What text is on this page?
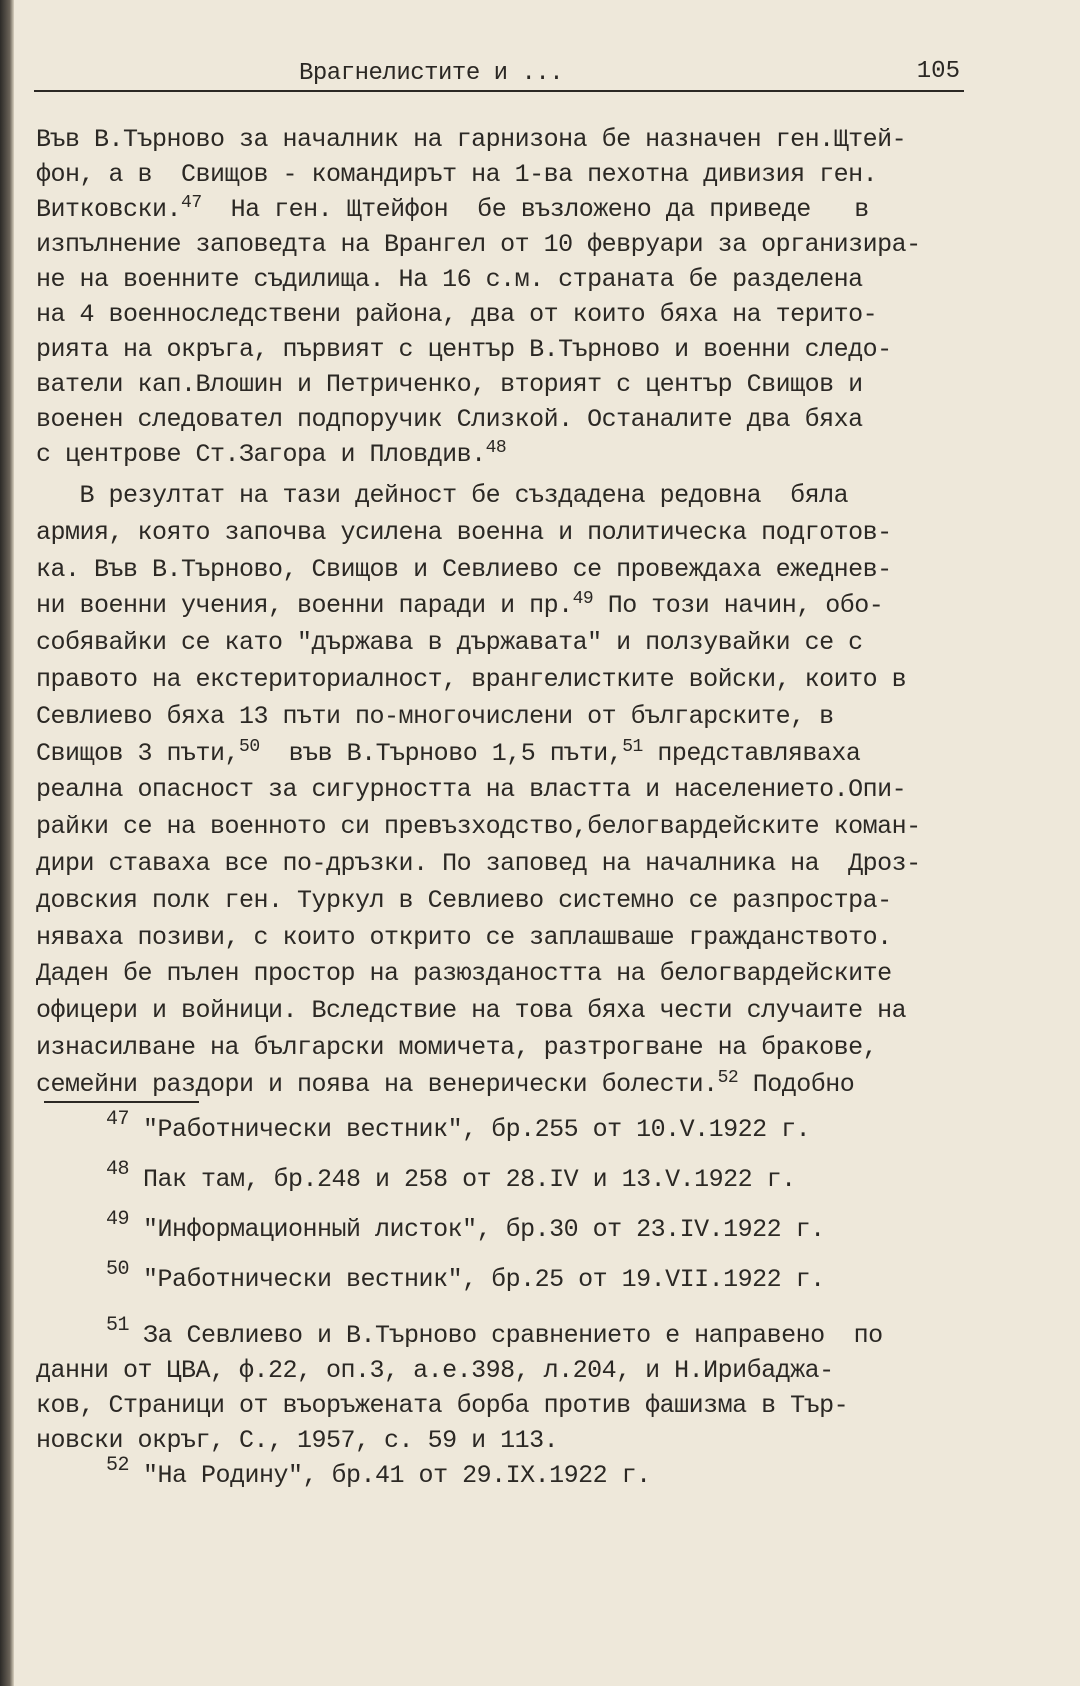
Врагнелистите и ...	105
Във В.Търново за началник на гарнизона бе назначен ген.Щтей-
фон, а в  Свищов - командирът на 1-ва пехотна дивизия ген.
Витковски.$^{47}$  На ген. Щтейфон  бе възложено да приведе   в
изпълнение заповедта на Врангел от 10 февруари за организира-
не на военните съдилища. На 16 с.м. страната бе разделена
на 4 военноследствени района, два от които бяха на терито-
рията на окръга, първият с център В.Търново и военни следо-
ватели кап.Влошин и Петриченко, вторият с център Свищов и
военен следовател подпоручик Слизкой. Останалите два бяха
с центрове Ст.Загора и Пловдив.$^{48}$
В резултат на тази дейност бе създадена редовна  бяла
армия, която започва усилена военна и политическа подготов-
ка. Във В.Търново, Свищов и Севлиево се провеждаха ежеднев-
ни военни учения, военни паради и пр.$^{49}$ По този начин, обо-
собявайки се като "държава в държавата" и ползувайки се с
правото на екстериториалност, врангелистките войски, които в
Севлиево бяха 13 пъти по-многочислени от българските, в
Свищов 3 пъти,$^{50}$  във В.Търново 1,5 пъти,$^{51}$ представляваха
реална опасност за сигурността на властта и населението.Опи-
райки се на военното си превъзходство,белогвардейските коман-
дири ставаха все по-дръзки. По заповед на началника на  Дроз-
довския полк ген. Туркул в Севлиево системно се разпростра-
няваха позиви, с които открито се заплашваше гражданството.
Даден бе пълен простор на разюздаността на белогвардейските
офицери и войници. Вследствие на това бяха чести случаите на
изнасилване на български момичета, разтрогване на бракове,
семейни раздори и поява на венерически болести.$^{52}$ Подобно
$^{47}$ "Работнически вестник", бр.255 от 10.V.1922 г.
$^{48}$ Пак там, бр.248 и 258 от 28.IV и 13.V.1922 г.
$^{49}$ "Информационный листок", бр.30 от 23.IV.1922 г.
$^{50}$ "Работнически вестник", бр.25 от 19.VII.1922 г.
$^{51}$ За Севлиево и В.Търново сравнението е направено  по
данни от ЦВА, ф.22, оп.3, а.е.398, л.204, и Н.Ирибаджа-
ков, Страници от въоръжената борба против фашизма в Тър-
новски окръг, С., 1957, с. 59 и 113.
$^{52}$ "На Родину", бр.41 от 29.IX.1922 г.
